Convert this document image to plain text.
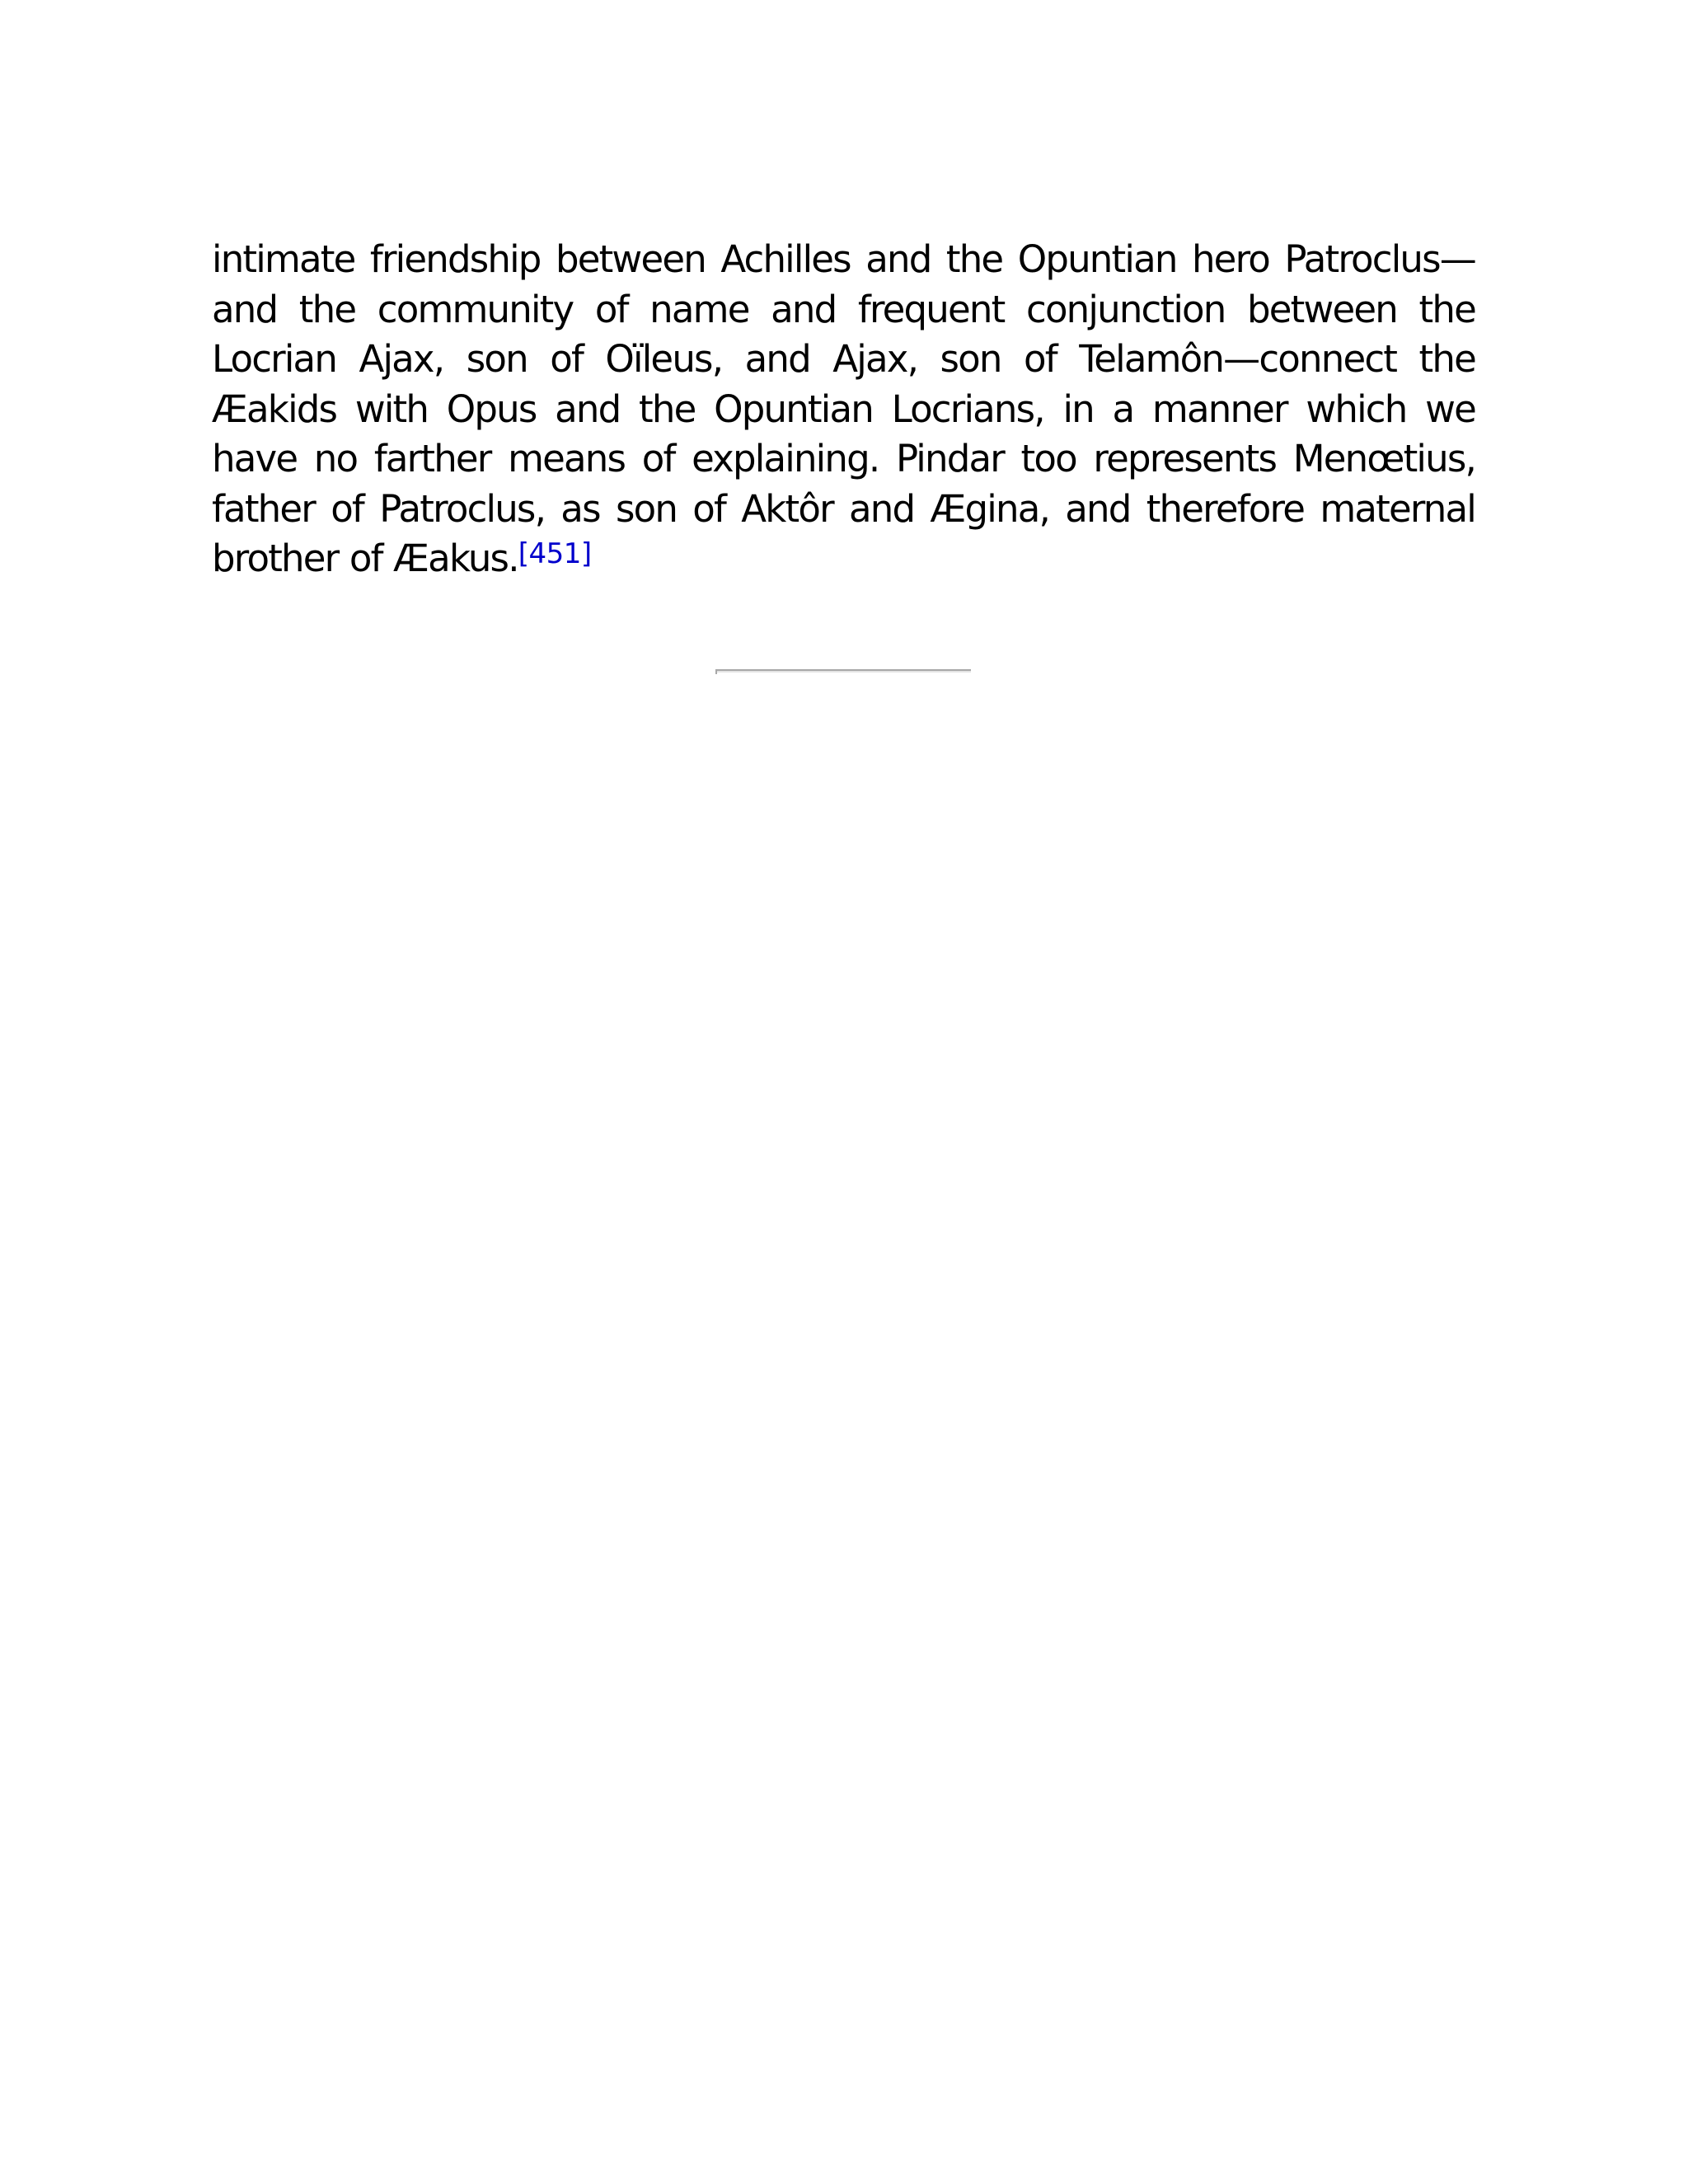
intimate friendship between Achilles and the Opuntian hero Patroclus—and the community of name and frequent conjunction between the Locrian Ajax, son of Oïleus, and Ajax, son of Telamôn—connect the Æakids with Opus and the Opuntian Locrians, in a manner which we have no farther means of explaining. Pindar too represents Menœtius, father of Patroclus, as son of Aktôr and Ægina, and therefore maternal brother of Æakus.[451]
